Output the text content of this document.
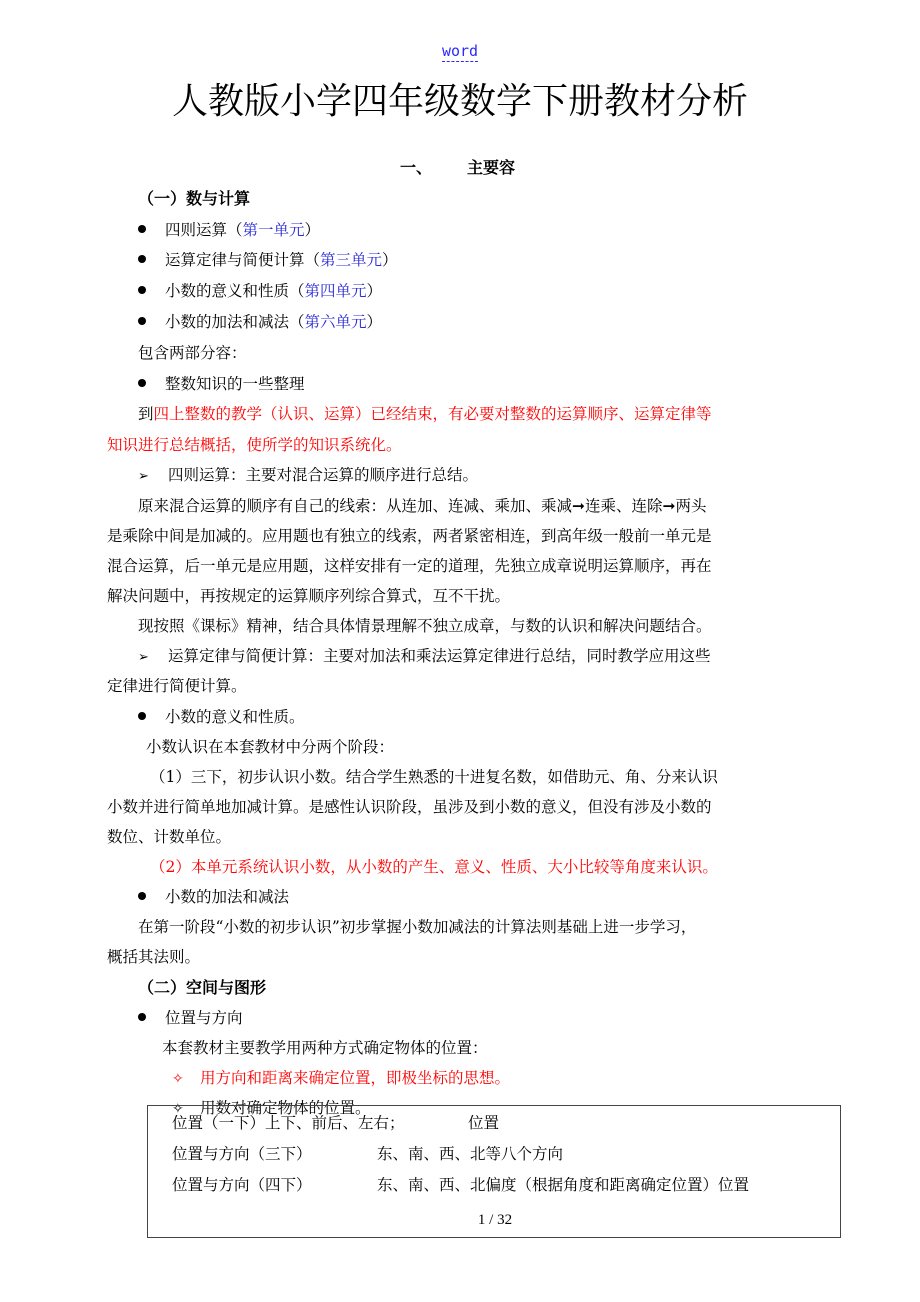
word
人教版小学四年级数学下册教材分析
一、 主要容
（一）数与计算
四则运算（第一单元）
运算定律与简便计算（第三单元）
小数的意义和性质（第四单元）
小数的加法和减法（第六单元）
包含两部分容：
整数知识的一些整理
到四上整数的教学（认识、运算）已经结束，有必要对整数的运算顺序、运算定律等
知识进行总结概括，使所学的知识系统化。
➢ 四则运算：主要对混合运算的顺序进行总结。
原来混合运算的顺序有自己的线索：从连加、连减、乘加、乘减➞连乘、连除➞两头
是乘除中间是加减的。应用题也有独立的线索，两者紧密相连，到高年级一般前一单元是
混合运算，后一单元是应用题，这样安排有一定的道理，先独立成章说明运算顺序，再在
解决问题中，再按规定的运算顺序列综合算式，互不干扰。
现按照《课标》精神，结合具体情景理解不独立成章，与数的认识和解决问题结合。
➢ 运算定律与简便计算：主要对加法和乘法运算定律进行总结，同时教学应用这些
定律进行简便计算。
小数的意义和性质。
小数认识在本套教材中分两个阶段：
（1）三下，初步认识小数。结合学生熟悉的十进复名数，如借助元、角、分来认识
小数并进行简单地加减计算。是感性认识阶段，虽涉及到小数的意义，但没有涉及小数的
数位、计数单位。
（2）本单元系统认识小数，从小数的产生、意义、性质、大小比较等角度来认识。
小数的加法和减法
在第一阶段“小数的初步认识”初步掌握小数加减法的计算法则基础上进一步学习，
概括其法则。
（二）空间与图形
位置与方向
本套教材主要教学用两种方式确定物体的位置：
✧ 用方向和距离来确定位置，即极坐标的思想。
✧ 用数对确定物体的位置。
位置（一下）上下、前后、左右；	位置
位置与方向（三下）	东、南、西、北等八个方向
位置与方向（四下）	东、南、西、北偏度（根据角度和距离确定位置）位置
1 / 32
